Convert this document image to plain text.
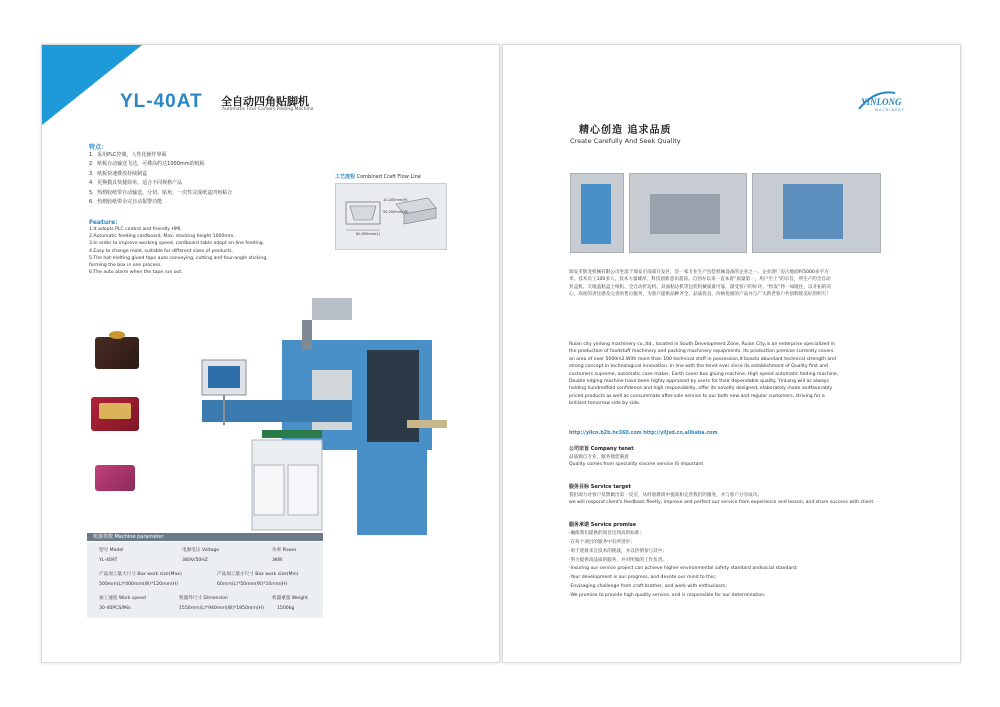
YL-40AT 全自动四角贴脚机
Automatic Four Corners Pasting Machine
特点：
1．采用PLC控制，人性化操作界面
2．纸板自动输送飞达，可叠高约达1000mm的纸板
3．纸板快速叠放持续制盒
4．更换模具快捷简单，适合不同规格产品
5．热熔胶纸带自动输送、分切、贴角，一次性完成纸盒四角粘合
6．热熔胶纸带余完自动报警功能
Feature：
1.It adopts PLC control and friendly HMI.
2.Automatic feeding cardboard, Max. stacking height 1000mm.
3.In order to improve working speed, cardboard table adopt on-line feeding.
4.Easy to change mold, suitable for different sizes of products.
5.The hot-melting glued tape auto conveying, cutting and four-angle sticking,
forming the box in one process.
6.The auto alarm when the tape run out.
工艺流程 Combined Craft Flow Line
10-200mm(H)
60-500mm(L)
50-200mm(W)
机器参数 Machine parameter
型号 Model	电源电压 Voltage	功率 Power
YL-40AT	380V/50HZ	3KW
产品加工最大尺寸 Box work size(Max)	产品加工最小尺寸 Box work size(Min)
500mm(L)*400mm(W)*120mm(H)	60mm(L)*50mm(W)*10mm(H)
加工速度 Work speed	机器外尺寸 Dimension	机器重量 Weight
30-40PCS/Min	1550mm(L)*940mm(W)*1850mm(H)	1500kg
YINLONG
MACHINERY
精心创造 追求品质
Create Carefully And Seek Quality
瑞安市银龙机械有限公司坐落于瑞安市南部开发区，是一家专业生产包装机械设备的企业之一。企业现厂房占地面积5000多平方米，技术员工100多人，技术力量雄厚，科技创新意识超前。自创办以来一直本着“质量第一，用户至上”的宗旨，所生产的全自动封盒机、天地盖粘盒上纸机、全自动折边机、双面粘边机等包装机械质量可靠，深受客户的好评。“恒发”将一如既往，以开拓的决心，高度的责任感及完善的售后服务，为客户提供品种齐全、品质优良、价格优惠的产品并与广大新老客户共创辉煌美好的明天！
Ruian city yinlong machinery co.,ltd., located in South Development Zone, Ruian City,is an enterprise specialized in the production of foodstuff machinery and packing machinery equipments. Its production premise currently covers an area of over 5000m2.With more than 100 technical staff in possession,it boasts abundant technical strength and strong concept in technological innovation. In line with the tenet ever since its establishment of Quality first and customers supreme, automatic case maker, Earth cover box gluing machine, High speed automatic folding machine, Double edging machine have been highly appraised by users for their dependable quality. YinLong will as always holding hundredfold confidence and high responsibility, offer its novelty designed, elaborately made andfavorably priced products as well as consummate after-sale service to our both new and regular customers, striving for a brilliant tomorrow side by side.
http://yllcn.b2b.hc360.com http://ylljxd.cn.alibaba.com
公司宗旨 Company tenet
品质源自专业，服务使您满意
Quality comes from speciality sincere service IS important
服务目标 Service target
我们竭力对客户反馈做出第一反应，从经验教训中提高和完善我们的服务，并与客户分享成功。
we will respond client's feedback fleetly, improve and perfect our service from experience and lesson, and share success with client.
服务承诺 Service promise
·确保我们提供的项目达到高的标准；
·在每个项目的服务中有所进步；
·勇于迎接来自技术的挑战，并以热情参与其中；
·努力提供高品质的服务，并对所做的工作负责。
·Insuring our service project can achieve higher environmental safety standard andsocial standard;
·Your development is our progress, and devote our mind to this;
·Envisaging challenge from craft brother, and work with enthusiasm;
·We promise to provide high quality service, and is responsible for our determination.
